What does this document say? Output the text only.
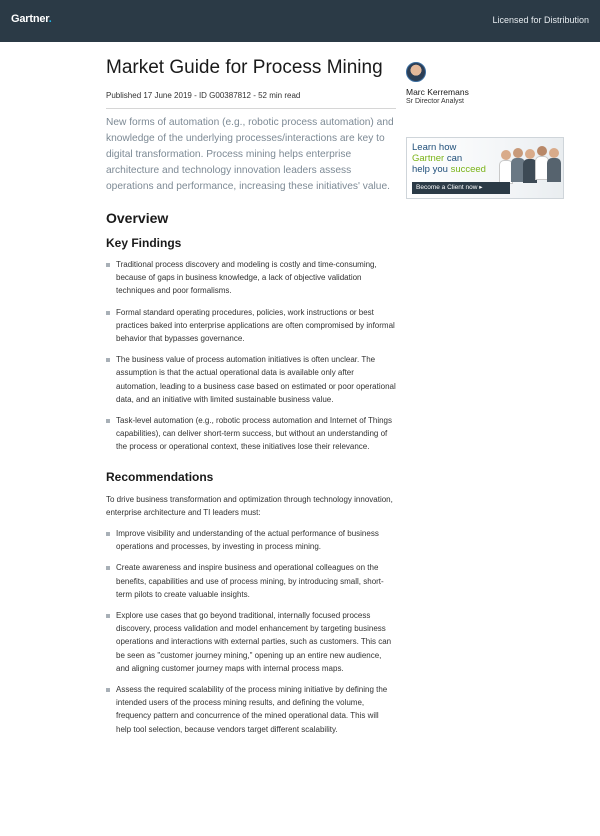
Gartner.	Licensed for Distribution
Market Guide for Process Mining
Published 17 June 2019 - ID G00387812 - 52 min read

New forms of automation (e.g., robotic process automation) and knowledge of the underlying processes/interactions are key to digital transformation. Process mining helps enterprise architecture and technology innovation leaders assess operations and performance, increasing these initiatives' value.

Overview
Key Findings
Traditional process discovery and modeling is costly and time-consuming, because of gaps in business knowledge, a lack of objective validation techniques and poor formalisms.
Formal standard operating procedures, policies, work instructions or best practices baked into enterprise applications are often compromised by informal behavior that bypasses governance.
The business value of process automation initiatives is often unclear. The assumption is that the actual operational data is available only after automation, leading to a business case based on estimated or poor operational data, and an initiative with limited sustainable business value.
Task-level automation (e.g., robotic process automation and Internet of Things capabilities), can deliver short-term success, but without an understanding of the process or operational context, these initiatives lose their relevance.
Recommendations

To drive business transformation and optimization through technology innovation, enterprise architecture and TI leaders must:

Improve visibility and understanding of the actual performance of business operations and processes, by investing in process mining.
Create awareness and inspire business and operational colleagues on the benefits, capabilities and use of process mining, by introducing small, short-term pilots to create valuable insights.
Explore use cases that go beyond traditional, internally focused process discovery, process validation and model enhancement by targeting business operations and interactions with external parties, such as customers. This can be seen as "customer journey mining," opening up an entire new audience, and aligning customer journey maps with internal process maps.
Assess the required scalability of the process mining initiative by defining the intended users of the process mining results, and defining the volume, frequency pattern and concurrence of the mined operational data. This will help tool selection, because vendors target different scalability.
Marc Kerremans
Sr Director Analyst
Learn how
Gartner can
help you succeed
Become a Client now ▸
